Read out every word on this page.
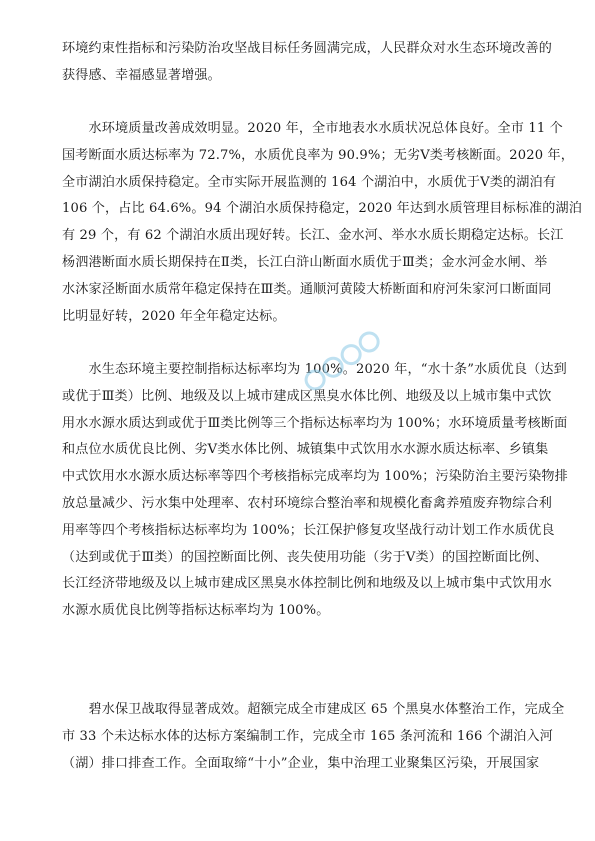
环境约束性指标和污染防治攻坚战目标任务圆满完成，人民群众对水生态环境改善的
获得感、幸福感显著增强。
　　水环境质量改善成效明显。2020 年，全市地表水水质状况总体良好。全市 11 个
国考断面水质达标率为 72.7%，水质优良率为 90.9%；无劣Ⅴ类考核断面。2020 年，
全市湖泊水质保持稳定。全市实际开展监测的 164 个湖泊中，水质优于Ⅴ类的湖泊有
106 个，占比 64.6%。94 个湖泊水质保持稳定，2020 年达到水质管理目标标准的湖泊
有 29 个，有 62 个湖泊水质出现好转。长江、金水河、举水水质长期稳定达标。长江
杨泗港断面水质长期保持在Ⅱ类，长江白浒山断面水质优于Ⅲ类；金水河金水闸、举
水沐家泾断面水质常年稳定保持在Ⅲ类。通顺河黄陵大桥断面和府河朱家河口断面同
比明显好转，2020 年全年稳定达标。
　　水生态环境主要控制指标达标率均为 100%。2020 年，“水十条”水质优良（达到
或优于Ⅲ类）比例、地级及以上城市建成区黑臭水体比例、地级及以上城市集中式饮
用水水源水质达到或优于Ⅲ类比例等三个指标达标率均为 100%；水环境质量考核断面
和点位水质优良比例、劣Ⅴ类水体比例、城镇集中式饮用水水源水质达标率、乡镇集
中式饮用水水源水质达标率等四个考核指标完成率均为 100%；污染防治主要污染物排
放总量减少、污水集中处理率、农村环境综合整治率和规模化畜禽养殖废弃物综合利
用率等四个考核指标达标率均为 100%；长江保护修复攻坚战行动计划工作水质优良
（达到或优于Ⅲ类）的国控断面比例、丧失使用功能（劣于Ⅴ类）的国控断面比例、
长江经济带地级及以上城市建成区黑臭水体控制比例和地级及以上城市集中式饮用水
水源水质优良比例等指标达标率均为 100%。
　　碧水保卫战取得显著成效。超额完成全市建成区 65 个黑臭水体整治工作，完成全
市 33 个未达标水体的达标方案编制工作，完成全市 165 条河流和 166 个湖泊入河
（湖）排口排查工作。全面取缔“十小”企业，集中治理工业聚集区污染，开展国家
